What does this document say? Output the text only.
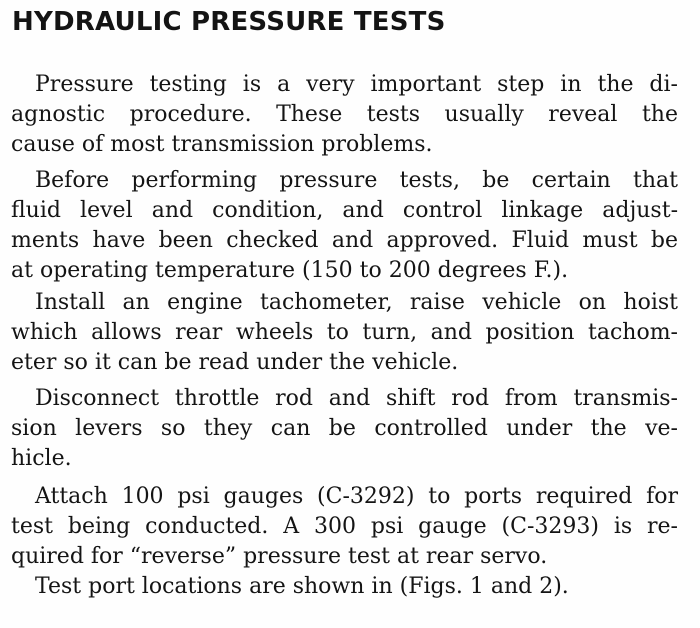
HYDRAULIC PRESSURE TESTS

Pressure testing is a very important step in the di-
agnostic procedure. These tests usually reveal the
cause of most transmission problems.

Before performing pressure tests, be certain that
fluid level and condition, and control linkage adjust-
ments have been checked and approved. Fluid must be
at operating temperature (150 to 200 degrees F.).

Install an engine tachometer, raise vehicle on hoist
which allows rear wheels to turn, and position tachom-
eter so it can be read under the vehicle.

Disconnect throttle rod and shift rod from transmis-
sion levers so they can be controlled under the ve-
hicle.

Attach 100 psi gauges (C-3292) to ports required for
test being conducted. A 300 psi gauge (C-3293) is re-
quired for “reverse” pressure test at rear servo.

Test port locations are shown in (Figs. 1 and 2).
